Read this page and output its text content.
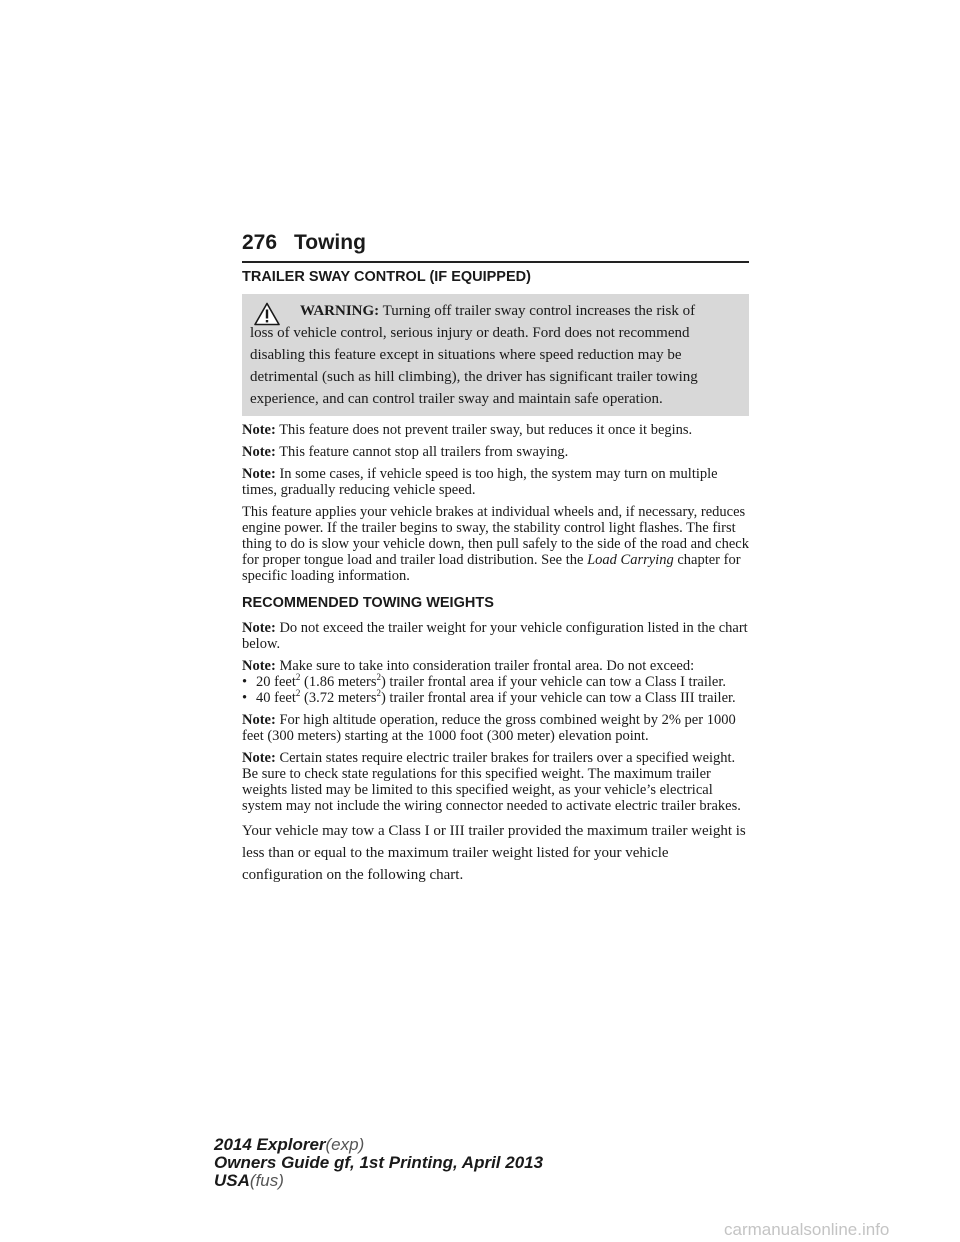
276 Towing
TRAILER SWAY CONTROL (IF EQUIPPED)
WARNING: Turning off trailer sway control increases the risk of

loss of vehicle control, serious injury or death. Ford does not recommend disabling this feature except in situations where speed reduction may be detrimental (such as hill climbing), the driver has significant trailer towing experience, and can control trailer sway and maintain safe operation.

Note: This feature does not prevent trailer sway, but reduces it once it begins.

Note: This feature cannot stop all trailers from swaying.

Note: In some cases, if vehicle speed is too high, the system may turn on multiple times, gradually reducing vehicle speed.

This feature applies your vehicle brakes at individual wheels and, if necessary, reduces engine power. If the trailer begins to sway, the stability control light flashes. The first thing to do is slow your vehicle down, then pull safely to the side of the road and check for proper tongue load and trailer load distribution. See the Load Carrying chapter for specific loading information.

RECOMMENDED TOWING WEIGHTS

Note: Do not exceed the trailer weight for your vehicle configuration listed in the chart below.

Note: Make sure to take into consideration trailer frontal area. Do not exceed:

• 20 feet$^2$ (1.86 meters$^2$) trailer frontal area if your vehicle can tow a Class I trailer.
• 40 feet$^2$ (3.72 meters$^2$) trailer frontal area if your vehicle can tow a Class III trailer.

Note: For high altitude operation, reduce the gross combined weight by 2% per 1000 feet (300 meters) starting at the 1000 foot (300 meter) elevation point.

Note: Certain states require electric trailer brakes for trailers over a specified weight. Be sure to check state regulations for this specified weight. The maximum trailer weights listed may be limited to this specified weight, as your vehicle’s electrical system may not include the wiring connector needed to activate electric trailer brakes.

Your vehicle may tow a Class I or III trailer provided the maximum trailer weight is less than or equal to the maximum trailer weight listed for your vehicle configuration on the following chart.

2014 Explorer(exp)
Owners Guide gf, 1st Printing, April 2013
USA(fus)
carmanualsonline.info
